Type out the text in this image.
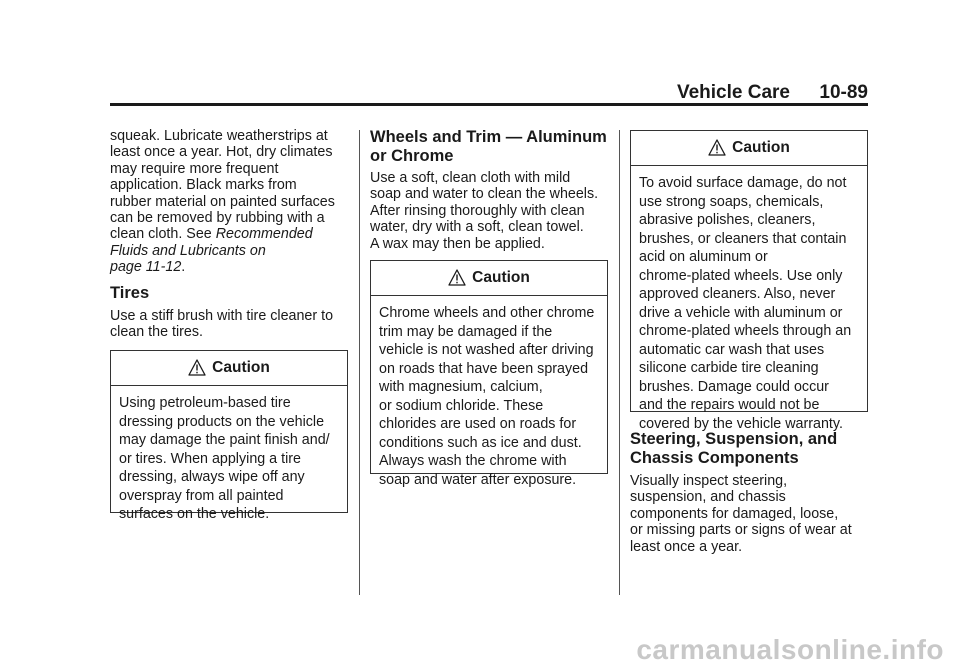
Vehicle Care 10-89
squeak. Lubricate weatherstrips at
least once a year. Hot, dry climates
may require more frequent
application. Black marks from
rubber material on painted surfaces
can be removed by rubbing with a
clean cloth. See Recommended
Fluids and Lubricants on
page 11-12.
Tires
Use a stiff brush with tire cleaner to
clean the tires.
Caution
Using petroleum-based tire
dressing products on the vehicle
may damage the paint finish and/
or tires. When applying a tire
dressing, always wipe off any
overspray from all painted
surfaces on the vehicle.
Wheels and Trim — Aluminum
or Chrome
Use a soft, clean cloth with mild
soap and water to clean the wheels.
After rinsing thoroughly with clean
water, dry with a soft, clean towel.
A wax may then be applied.
Caution
Chrome wheels and other chrome
trim may be damaged if the
vehicle is not washed after driving
on roads that have been sprayed
with magnesium, calcium,
or sodium chloride. These
chlorides are used on roads for
conditions such as ice and dust.
Always wash the chrome with
soap and water after exposure.
Caution
To avoid surface damage, do not
use strong soaps, chemicals,
abrasive polishes, cleaners,
brushes, or cleaners that contain
acid on aluminum or
chrome-plated wheels. Use only
approved cleaners. Also, never
drive a vehicle with aluminum or
chrome-plated wheels through an
automatic car wash that uses
silicone carbide tire cleaning
brushes. Damage could occur
and the repairs would not be
covered by the vehicle warranty.
Steering, Suspension, and
Chassis Components
Visually inspect steering,
suspension, and chassis
components for damaged, loose,
or missing parts or signs of wear at
least once a year.
carmanualsonline.info
